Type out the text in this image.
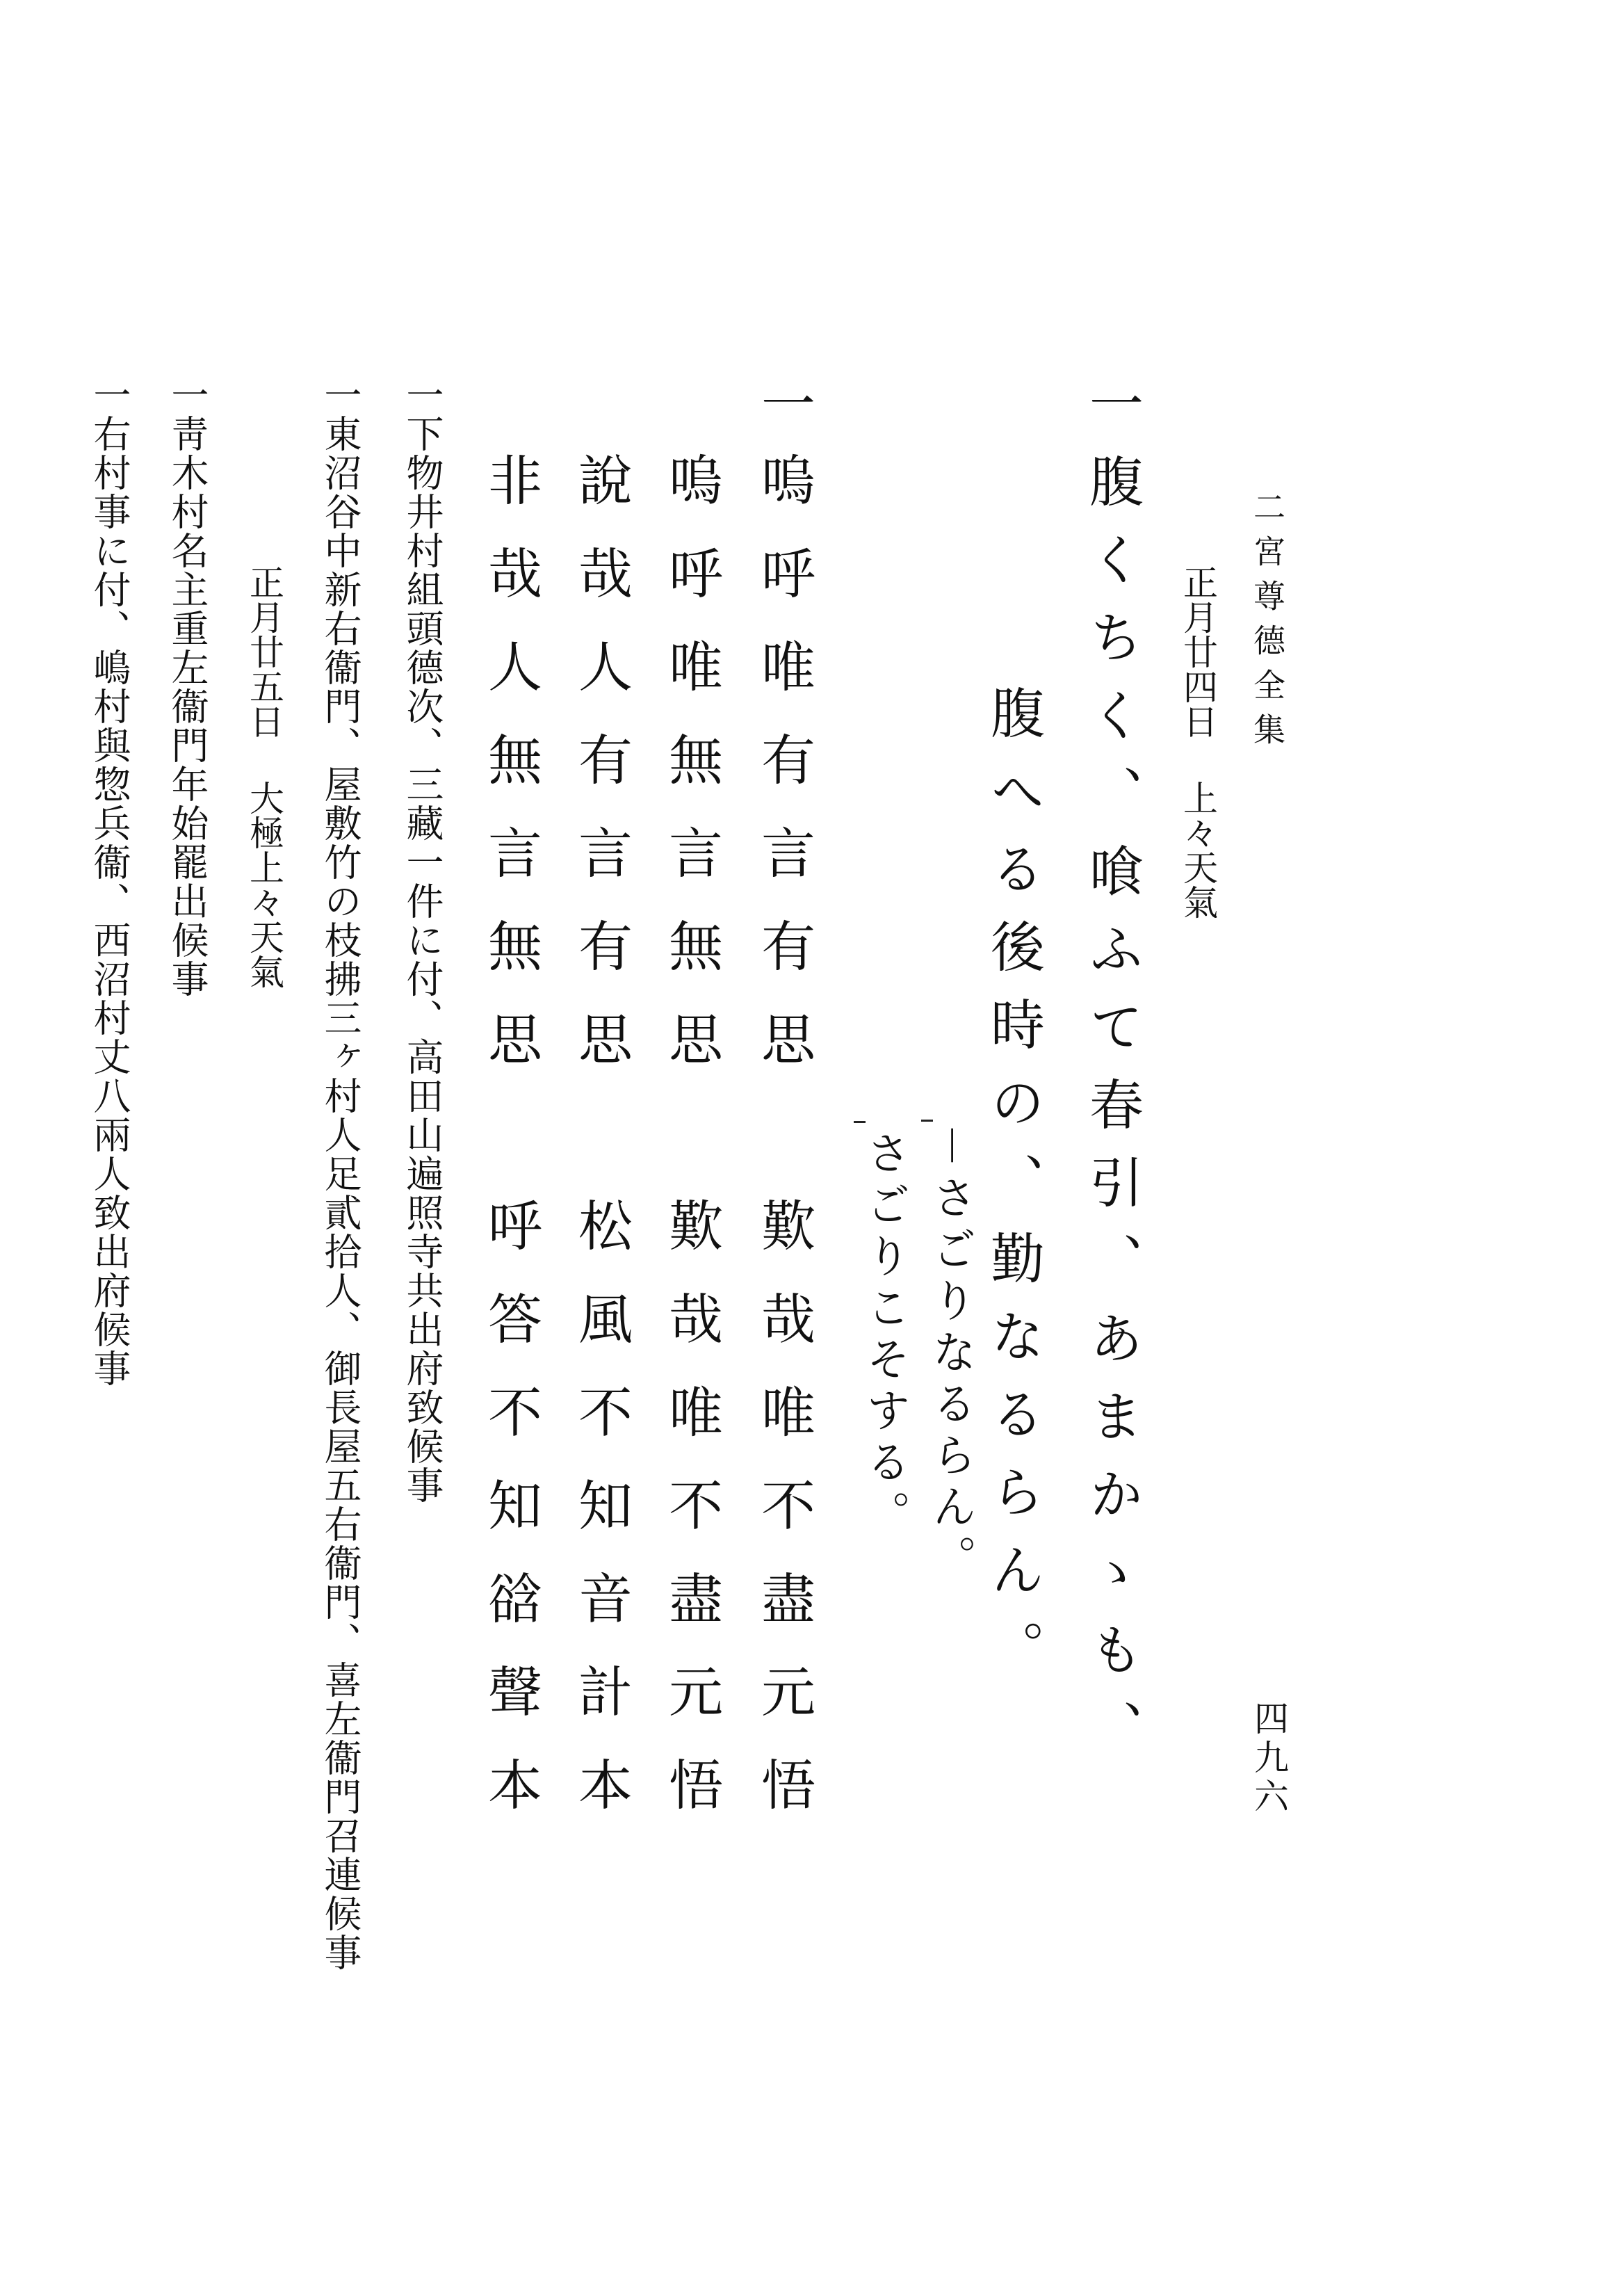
二宮尊德全集
四九六
正月廿四日上々天氣
一腹くちく、喰ふて春引、あまかゝも、
腹へる後時の、勤なるらん。
－さごりなるらん。
さごりこそする。
一
嗚呼唯有言有思　歎哉唯不盡元悟
嗚呼唯無言無思　歎哉唯不盡元悟
說哉人有言有思　松風不知音計本
非哉人無言無思　呼答不知谽聲本
一下物井村組頭德次、三藏一件に付、高田山遍照寺共出府致候事
一東沼谷中新右衞門、屋敷竹の枝拂三ヶ村人足貳拾人、御長屋五右衞門、喜左衞門召連候事
正月廿五日大極上々天氣
一靑木村名主重左衞門年始罷出候事
一右村事に付、嶋村與惣兵衞、西沼村丈八兩人致出府候事
